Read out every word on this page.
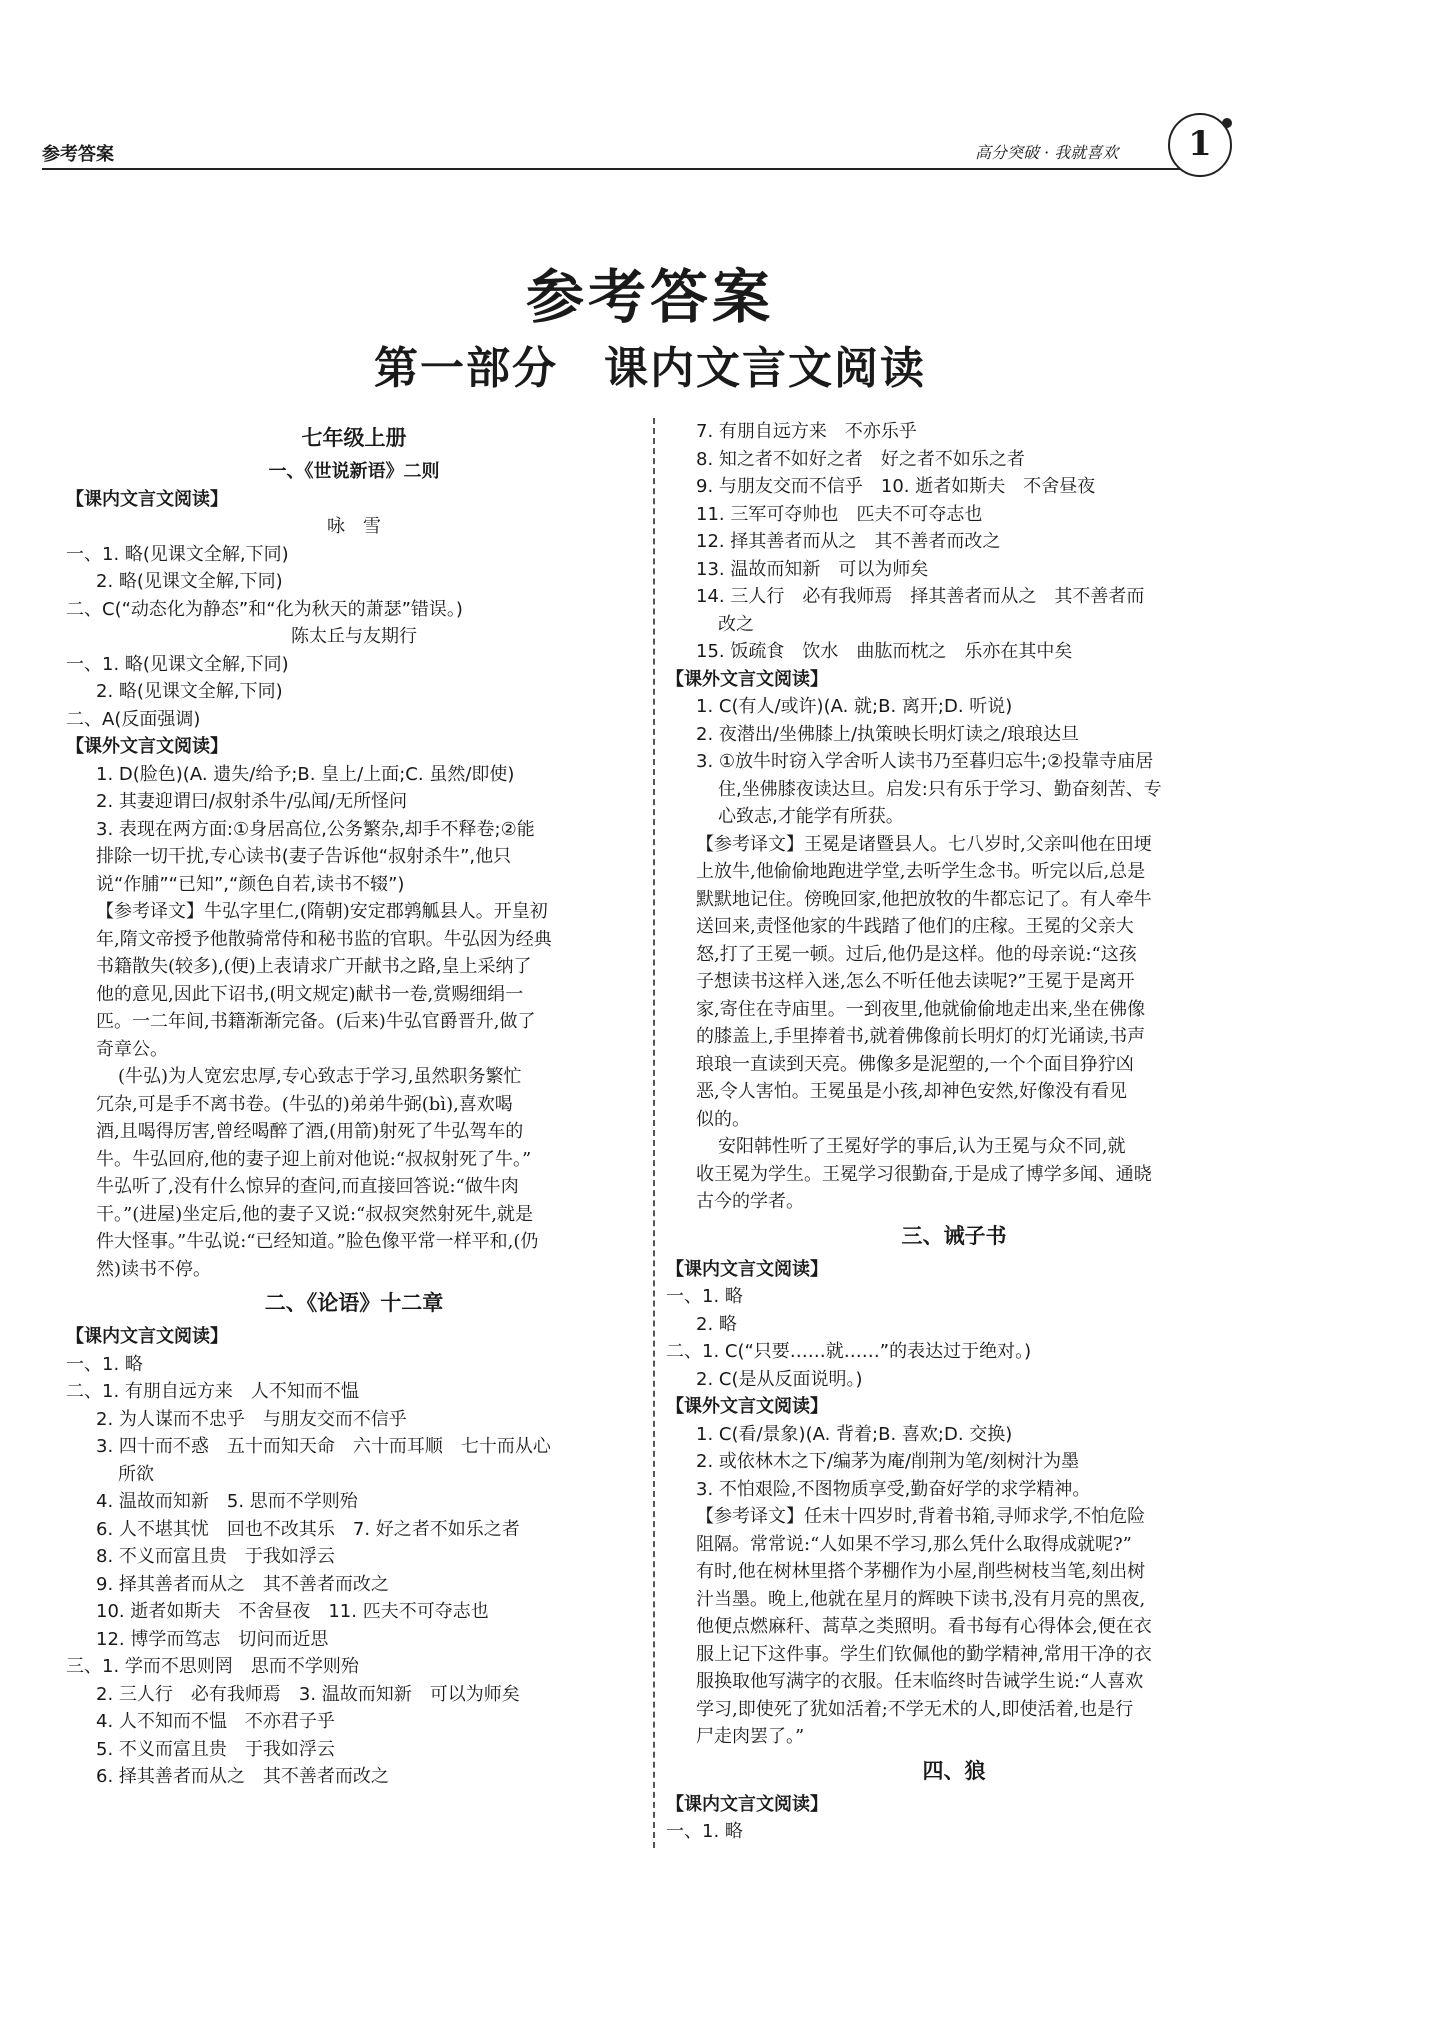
参考答案	高分突破 · 我就喜欢	1
参考答案
第一部分　课内文言文阅读
七年级上册
一、《世说新语》二则
【课内文言文阅读】
咏　雪
一、1. 略(见课文全解,下同)
2. 略(见课文全解,下同)
二、C(“动态化为静态”和“化为秋天的萧瑟”错误。)
陈太丘与友期行
一、1. 略(见课文全解,下同)
2. 略(见课文全解,下同)
二、A(反面强调)
【课外文言文阅读】
1. D(脸色)(A. 遗失/给予;B. 皇上/上面;C. 虽然/即使)
2. 其妻迎谓曰/叔射杀牛/弘闻/无所怪问
3. 表现在两方面:①身居高位,公务繁杂,却手不释卷;②能
排除一切干扰,专心读书(妻子告诉他“叔射杀牛”,他只
说“作脯”“已知”,“颜色自若,读书不辍”)
【参考译文】牛弘字里仁,(隋朝)安定郡鹑觚县人。开皇初
年,隋文帝授予他散骑常侍和秘书监的官职。牛弘因为经典
书籍散失(较多),(便)上表请求广开献书之路,皇上采纳了
他的意见,因此下诏书,(明文规定)献书一卷,赏赐细绢一
匹。一二年间,书籍渐渐完备。(后来)牛弘官爵晋升,做了
奇章公。
(牛弘)为人宽宏忠厚,专心致志于学习,虽然职务繁忙
冗杂,可是手不离书卷。(牛弘的)弟弟牛弼(bì),喜欢喝
酒,且喝得厉害,曾经喝醉了酒,(用箭)射死了牛弘驾车的
牛。牛弘回府,他的妻子迎上前对他说:“叔叔射死了牛。”
牛弘听了,没有什么惊异的查问,而直接回答说:“做牛肉
干。”(进屋)坐定后,他的妻子又说:“叔叔突然射死牛,就是
件大怪事。”牛弘说:“已经知道。”脸色像平常一样平和,(仍
然)读书不停。
二、《论语》十二章
【课内文言文阅读】
一、1. 略
二、1. 有朋自远方来　人不知而不愠
2. 为人谋而不忠乎　与朋友交而不信乎
3. 四十而不惑　五十而知天命　六十而耳顺　七十而从心
所欲
4. 温故而知新　5. 思而不学则殆
6. 人不堪其忧　回也不改其乐　7. 好之者不如乐之者
8. 不义而富且贵　于我如浮云
9. 择其善者而从之　其不善者而改之
10. 逝者如斯夫　不舍昼夜　11. 匹夫不可夺志也
12. 博学而笃志　切问而近思
三、1. 学而不思则罔　思而不学则殆
2. 三人行　必有我师焉　3. 温故而知新　可以为师矣
4. 人不知而不愠　不亦君子乎
5. 不义而富且贵　于我如浮云
6. 择其善者而从之　其不善者而改之
7. 有朋自远方来　不亦乐乎
8. 知之者不如好之者　好之者不如乐之者
9. 与朋友交而不信乎　10. 逝者如斯夫　不舍昼夜
11. 三军可夺帅也　匹夫不可夺志也
12. 择其善者而从之　其不善者而改之
13. 温故而知新　可以为师矣
14. 三人行　必有我师焉　择其善者而从之　其不善者而
改之
15. 饭疏食　饮水　曲肱而枕之　乐亦在其中矣
【课外文言文阅读】
1. C(有人/或许)(A. 就;B. 离开;D. 听说)
2. 夜潜出/坐佛膝上/执策映长明灯读之/琅琅达旦
3. ①放牛时窃入学舍听人读书乃至暮归忘牛;②投靠寺庙居
住,坐佛膝夜读达旦。启发:只有乐于学习、勤奋刻苦、专
心致志,才能学有所获。
【参考译文】王冕是诸暨县人。七八岁时,父亲叫他在田埂
上放牛,他偷偷地跑进学堂,去听学生念书。听完以后,总是
默默地记住。傍晚回家,他把放牧的牛都忘记了。有人牵牛
送回来,责怪他家的牛践踏了他们的庄稼。王冕的父亲大
怒,打了王冕一顿。过后,他仍是这样。他的母亲说:“这孩
子想读书这样入迷,怎么不听任他去读呢?”王冕于是离开
家,寄住在寺庙里。一到夜里,他就偷偷地走出来,坐在佛像
的膝盖上,手里捧着书,就着佛像前长明灯的灯光诵读,书声
琅琅一直读到天亮。佛像多是泥塑的,一个个面目狰狞凶
恶,令人害怕。王冕虽是小孩,却神色安然,好像没有看见
似的。
安阳韩性听了王冕好学的事后,认为王冕与众不同,就
收王冕为学生。王冕学习很勤奋,于是成了博学多闻、通晓
古今的学者。
三、诫子书
【课内文言文阅读】
一、1. 略
2. 略
二、1. C(“只要……就……”的表达过于绝对。)
2. C(是从反面说明。)
【课外文言文阅读】
1. C(看/景象)(A. 背着;B. 喜欢;D. 交换)
2. 或依林木之下/编茅为庵/削荆为笔/刻树汁为墨
3. 不怕艰险,不图物质享受,勤奋好学的求学精神。
【参考译文】任末十四岁时,背着书箱,寻师求学,不怕危险
阻隔。常常说:“人如果不学习,那么凭什么取得成就呢?”
有时,他在树林里搭个茅棚作为小屋,削些树枝当笔,刻出树
汁当墨。晚上,他就在星月的辉映下读书,没有月亮的黑夜,
他便点燃麻秆、蒿草之类照明。看书每有心得体会,便在衣
服上记下这件事。学生们钦佩他的勤学精神,常用干净的衣
服换取他写满字的衣服。任末临终时告诫学生说:“人喜欢
学习,即使死了犹如活着;不学无术的人,即使活着,也是行
尸走肉罢了。”
四、狼
【课内文言文阅读】
一、1. 略
